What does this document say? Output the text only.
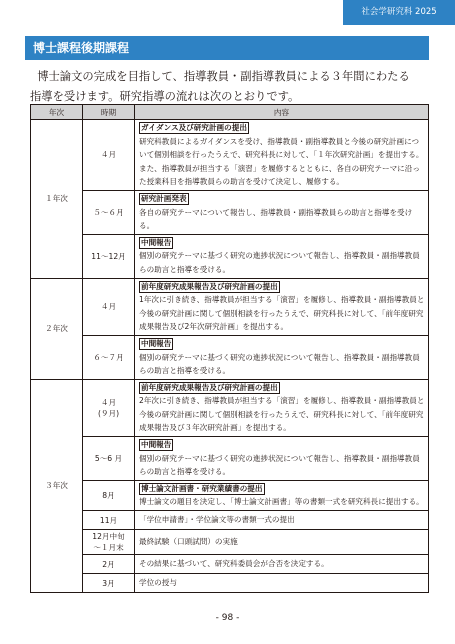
社会学研究科 2025
博士課程後期課程

博士論文の完成を目指して、指導教員・副指導教員による３年間にわたる

指導を受けます。研究指導の流れは次のとおりです。

年次	時期	内容
１年次	４月	ガイダンス及び研究計画の提出
研究科教員によるガイダンスを受け、指導教員・副指導教員と今後の研究計画について個別相談を行ったうえで、研究科長に対して、「１年次研究計画」を提出する。また、指導教員が担当する「演習」を履修するとともに、各自の研究テーマに沿った授業科目を指導教員らの助言を受けて決定し、履修する。

	５～６月	研究計画発表
各自の研究テーマについて報告し、指導教員・副指導教員らの助言と指導を受ける。

	11～12月	中間報告
個別の研究テーマに基づく研究の進捗状況について報告し、指導教員・副指導教員らの助言と指導を受ける。

２年次	４月	前年度研究成果報告及び研究計画の提出
1年次に引き続き、指導教員が担当する「演習」を履修し、指導教員・副指導教員と今後の研究計画に関して個別相談を行ったうえで、研究科長に対して、「前年度研究成果報告及び2年次研究計画」を提出する。

	６～７月	中間報告
個別の研究テーマに基づく研究の進捗状況について報告し、指導教員・副指導教員らの助言と指導を受ける。

３年次	４月
(９月)	前年度研究成果報告及び研究計画の提出
2年次に引き続き、指導教員が担当する「演習」を履修し、指導教員・副指導教員と今後の研究計画に関して個別相談を行ったうえで、研究科長に対して、「前年度研究成果報告及び３年次研究計画」を提出する。

	5～6 月	中間報告
個別の研究テーマに基づく研究の進捗状況について報告し、指導教員・副指導教員らの助言と指導を受ける。

	8月	博士論文計画書・研究業績書の提出
博士論文の題目を決定し、「博士論文計画書」等の書類一式を研究科長に提出する。

	11月	「学位申請書」・学位論文等の書類一式の提出

	12月中旬
～１月末	最終試験（口頭試問）の実施
	2月	その結果に基づいて、研究科委員会が合否を決定する。
	3月	学位の授与
- 98 -
